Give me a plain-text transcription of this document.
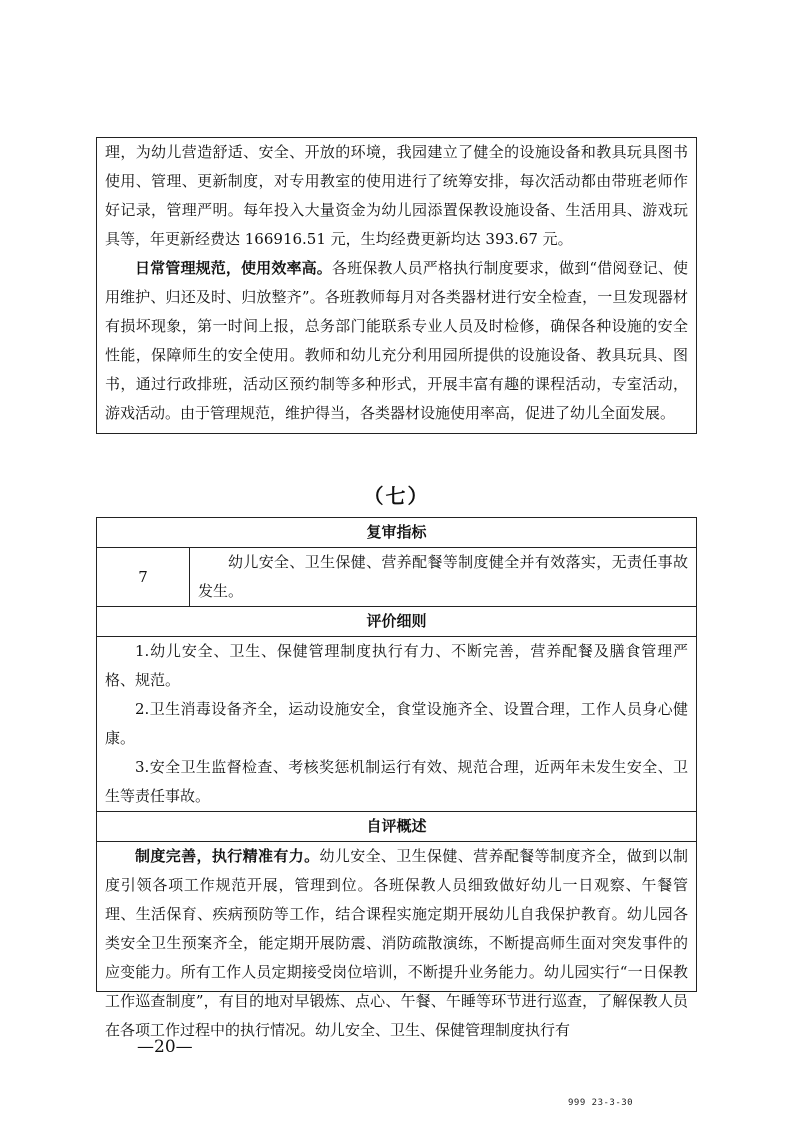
理，为幼儿营造舒适、安全、开放的环境，我园建立了健全的设施设备和教具玩具图书使用、管理、更新制度，对专用教室的使用进行了统筹安排，每次活动都由带班老师作好记录，管理严明。每年投入大量资金为幼儿园添置保教设施设备、生活用具、游戏玩具等，年更新经费达 166916.51 元，生均经费更新均达 393.67 元。

日常管理规范，使用效率高。各班保教人员严格执行制度要求，做到“借阅登记、使用维护、归还及时、归放整齐”。各班教师每月对各类器材进行安全检查，一旦发现器材有损坏现象，第一时间上报，总务部门能联系专业人员及时检修，确保各种设施的安全性能，保障师生的安全使用。教师和幼儿充分利用园所提供的设施设备、教具玩具、图书，通过行政排班，活动区预约制等多种形式，开展丰富有趣的课程活动，专室活动，游戏活动。由于管理规范，维护得当，各类器材设施使用率高，促进了幼儿全面发展。

（七）
复审指标
7

幼儿安全、卫生保健、营养配餐等制度健全并有效落实，无责任事故发生。

评价细则

1.幼儿安全、卫生、保健管理制度执行有力、不断完善，营养配餐及膳食管理严格、规范。

2.卫生消毒设备齐全，运动设施安全，食堂设施齐全、设置合理，工作人员身心健康。

3.安全卫生监督检查、考核奖惩机制运行有效、规范合理，近两年未发生安全、卫生等责任事故。

自评概述

制度完善，执行精准有力。幼儿安全、卫生保健、营养配餐等制度齐全，做到以制度引领各项工作规范开展，管理到位。各班保教人员细致做好幼儿一日观察、午餐管理、生活保育、疾病预防等工作，结合课程实施定期开展幼儿自我保护教育。幼儿园各类安全卫生预案齐全，能定期开展防震、消防疏散演练，不断提高师生面对突发事件的应变能力。所有工作人员定期接受岗位培训，不断提升业务能力。幼儿园实行“一日保教工作巡查制度”，有目的地对早锻炼、点心、午餐、午睡等环节进行巡查，了解保教人员在各项工作过程中的执行情况。幼儿安全、卫生、保健管理制度执行有

—20—
999 23-3-30
